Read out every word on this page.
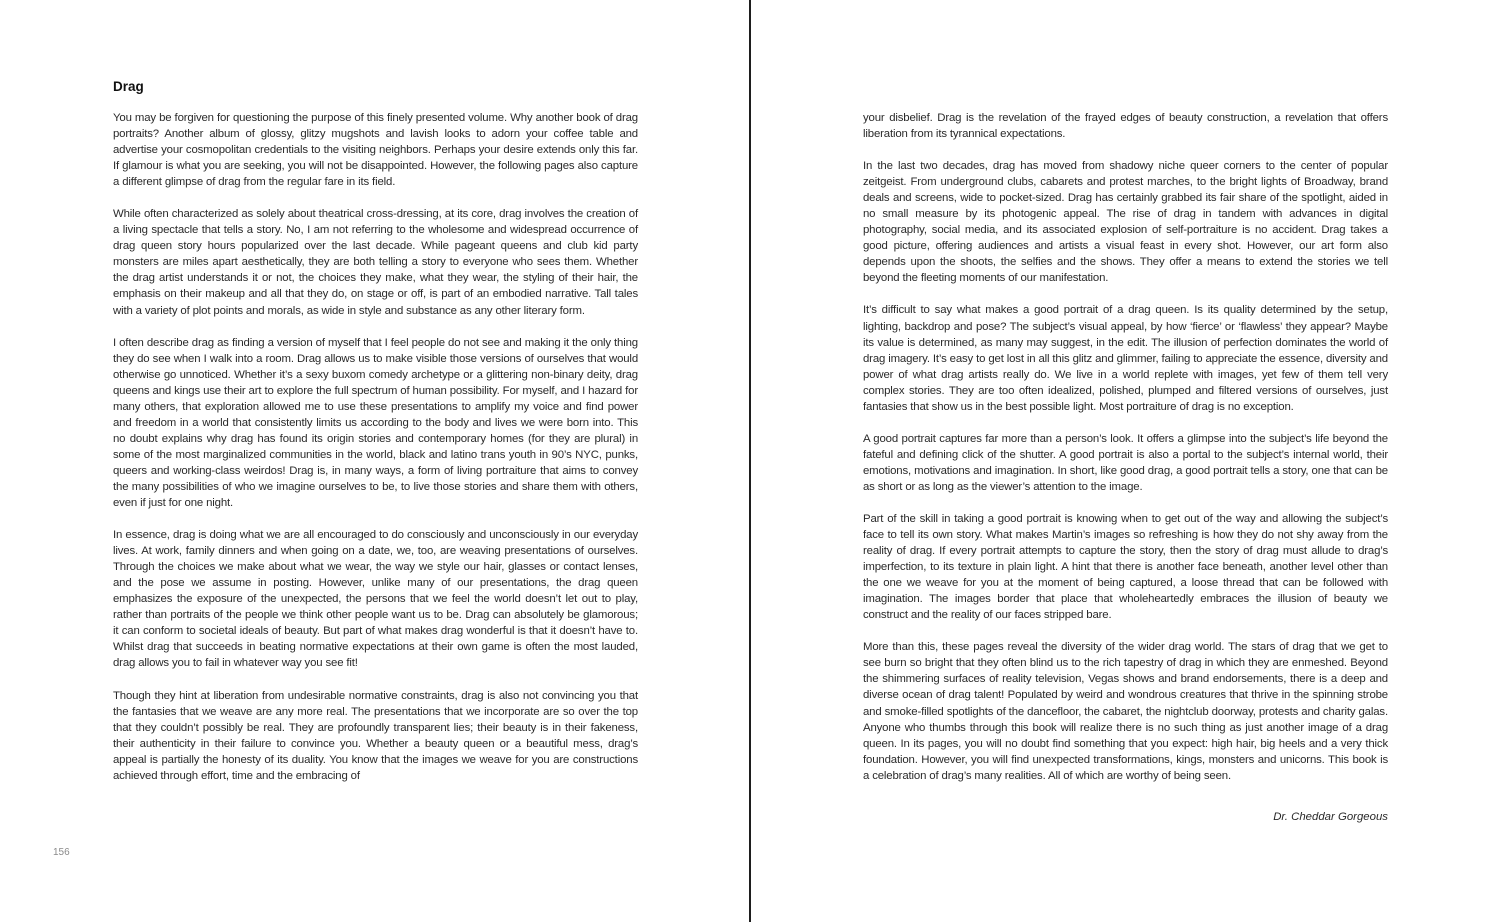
Drag

You may be forgiven for questioning the purpose of this finely presented volume. Why another book of drag portraits? Another album of glossy, glitzy mugshots and lavish looks to adorn your coffee table and advertise your cosmopolitan credentials to the visiting neighbors. Perhaps your desire extends only this far. If glamour is what you are seeking, you will not be disappointed. However, the following pages also capture a different glimpse of drag from the regular fare in its field.

While often characterized as solely about theatrical cross-dressing, at its core, drag involves the creation of a living spectacle that tells a story. No, I am not referring to the wholesome and widespread occurrence of drag queen story hours popularized over the last decade. While pageant queens and club kid party monsters are miles apart aesthetically, they are both telling a story to everyone who sees them. Whether the drag artist understands it or not, the choices they make, what they wear, the styling of their hair, the emphasis on their makeup and all that they do, on stage or off, is part of an embodied narrative. Tall tales with a variety of plot points and morals, as wide in style and substance as any other literary form.

I often describe drag as finding a version of myself that I feel people do not see and making it the only thing they do see when I walk into a room. Drag allows us to make visible those versions of ourselves that would otherwise go unnoticed. Whether it’s a sexy buxom comedy archetype or a glittering non-binary deity, drag queens and kings use their art to explore the full spectrum of human possibility. For myself, and I hazard for many others, that exploration allowed me to use these presentations to amplify my voice and find power and freedom in a world that consistently limits us according to the body and lives we were born into. This no doubt explains why drag has found its origin stories and contemporary homes (for they are plural) in some of the most marginalized communities in the world, black and latino trans youth in 90’s NYC, punks, queers and working-class weirdos! Drag is, in many ways, a form of living portraiture that aims to convey the many possibilities of who we imagine ourselves to be, to live those stories and share them with others, even if just for one night.

In essence, drag is doing what we are all encouraged to do consciously and unconsciously in our everyday lives. At work, family dinners and when going on a date, we, too, are weaving presentations of ourselves. Through the choices we make about what we wear, the way we style our hair, glasses or contact lenses, and the pose we assume in posting. However, unlike many of our presentations, the drag queen emphasizes the exposure of the unexpected, the persons that we feel the world doesn’t let out to play, rather than portraits of the people we think other people want us to be. Drag can absolutely be glamorous; it can conform to societal ideals of beauty. But part of what makes drag wonderful is that it doesn’t have to. Whilst drag that succeeds in beating normative expectations at their own game is often the most lauded, drag allows you to fail in whatever way you see fit!

Though they hint at liberation from undesirable normative constraints, drag is also not convincing you that the fantasies that we weave are any more real. The presentations that we incorporate are so over the top that they couldn’t possibly be real. They are profoundly transparent lies; their beauty is in their fakeness, their authenticity in their failure to convince you. Whether a beauty queen or a beautiful mess, drag’s appeal is partially the honesty of its duality. You know that the images we weave for you are constructions achieved through effort, time and the embracing of

156

your disbelief. Drag is the revelation of the frayed edges of beauty construction, a revelation that offers liberation from its tyrannical expectations.

In the last two decades, drag has moved from shadowy niche queer corners to the center of popular zeitgeist. From underground clubs, cabarets and protest marches, to the bright lights of Broadway, brand deals and screens, wide to pocket-sized. Drag has certainly grabbed its fair share of the spotlight, aided in no small measure by its photogenic appeal. The rise of drag in tandem with advances in digital photography, social media, and its associated explosion of self-portraiture is no accident. Drag takes a good picture, offering audiences and artists a visual feast in every shot. However, our art form also depends upon the shoots, the selfies and the shows. They offer a means to extend the stories we tell beyond the fleeting moments of our manifestation.

It’s difficult to say what makes a good portrait of a drag queen. Is its quality determined by the setup, lighting, backdrop and pose? The subject’s visual appeal, by how ‘fierce’ or ‘flawless’ they appear? Maybe its value is determined, as many may suggest, in the edit. The illusion of perfection dominates the world of drag imagery. It’s easy to get lost in all this glitz and glimmer, failing to appreciate the essence, diversity and power of what drag artists really do. We live in a world replete with images, yet few of them tell very complex stories. They are too often idealized, polished, plumped and filtered versions of ourselves, just fantasies that show us in the best possible light. Most portraiture of drag is no exception.

A good portrait captures far more than a person’s look. It offers a glimpse into the subject’s life beyond the fateful and defining click of the shutter. A good portrait is also a portal to the subject’s internal world, their emotions, motivations and imagination. In short, like good drag, a good portrait tells a story, one that can be as short or as long as the viewer’s attention to the image.

Part of the skill in taking a good portrait is knowing when to get out of the way and allowing the subject’s face to tell its own story. What makes Martin’s images so refreshing is how they do not shy away from the reality of drag. If every portrait attempts to capture the story, then the story of drag must allude to drag’s imperfection, to its texture in plain light. A hint that there is another face beneath, another level other than the one we weave for you at the moment of being captured, a loose thread that can be followed with imagination. The images border that place that wholeheartedly embraces the illusion of beauty we construct and the reality of our faces stripped bare.

More than this, these pages reveal the diversity of the wider drag world. The stars of drag that we get to see burn so bright that they often blind us to the rich tapestry of drag in which they are enmeshed. Beyond the shimmering surfaces of reality television, Vegas shows and brand endorsements, there is a deep and diverse ocean of drag talent! Populated by weird and wondrous creatures that thrive in the spinning strobe and smoke-filled spotlights of the dancefloor, the cabaret, the nightclub doorway, protests and charity galas. Anyone who thumbs through this book will realize there is no such thing as just another image of a drag queen. In its pages, you will no doubt find something that you expect: high hair, big heels and a very thick foundation. However, you will find unexpected transformations, kings, monsters and unicorns. This book is a celebration of drag’s many realities. All of which are worthy of being seen.

Dr. Cheddar Gorgeous
